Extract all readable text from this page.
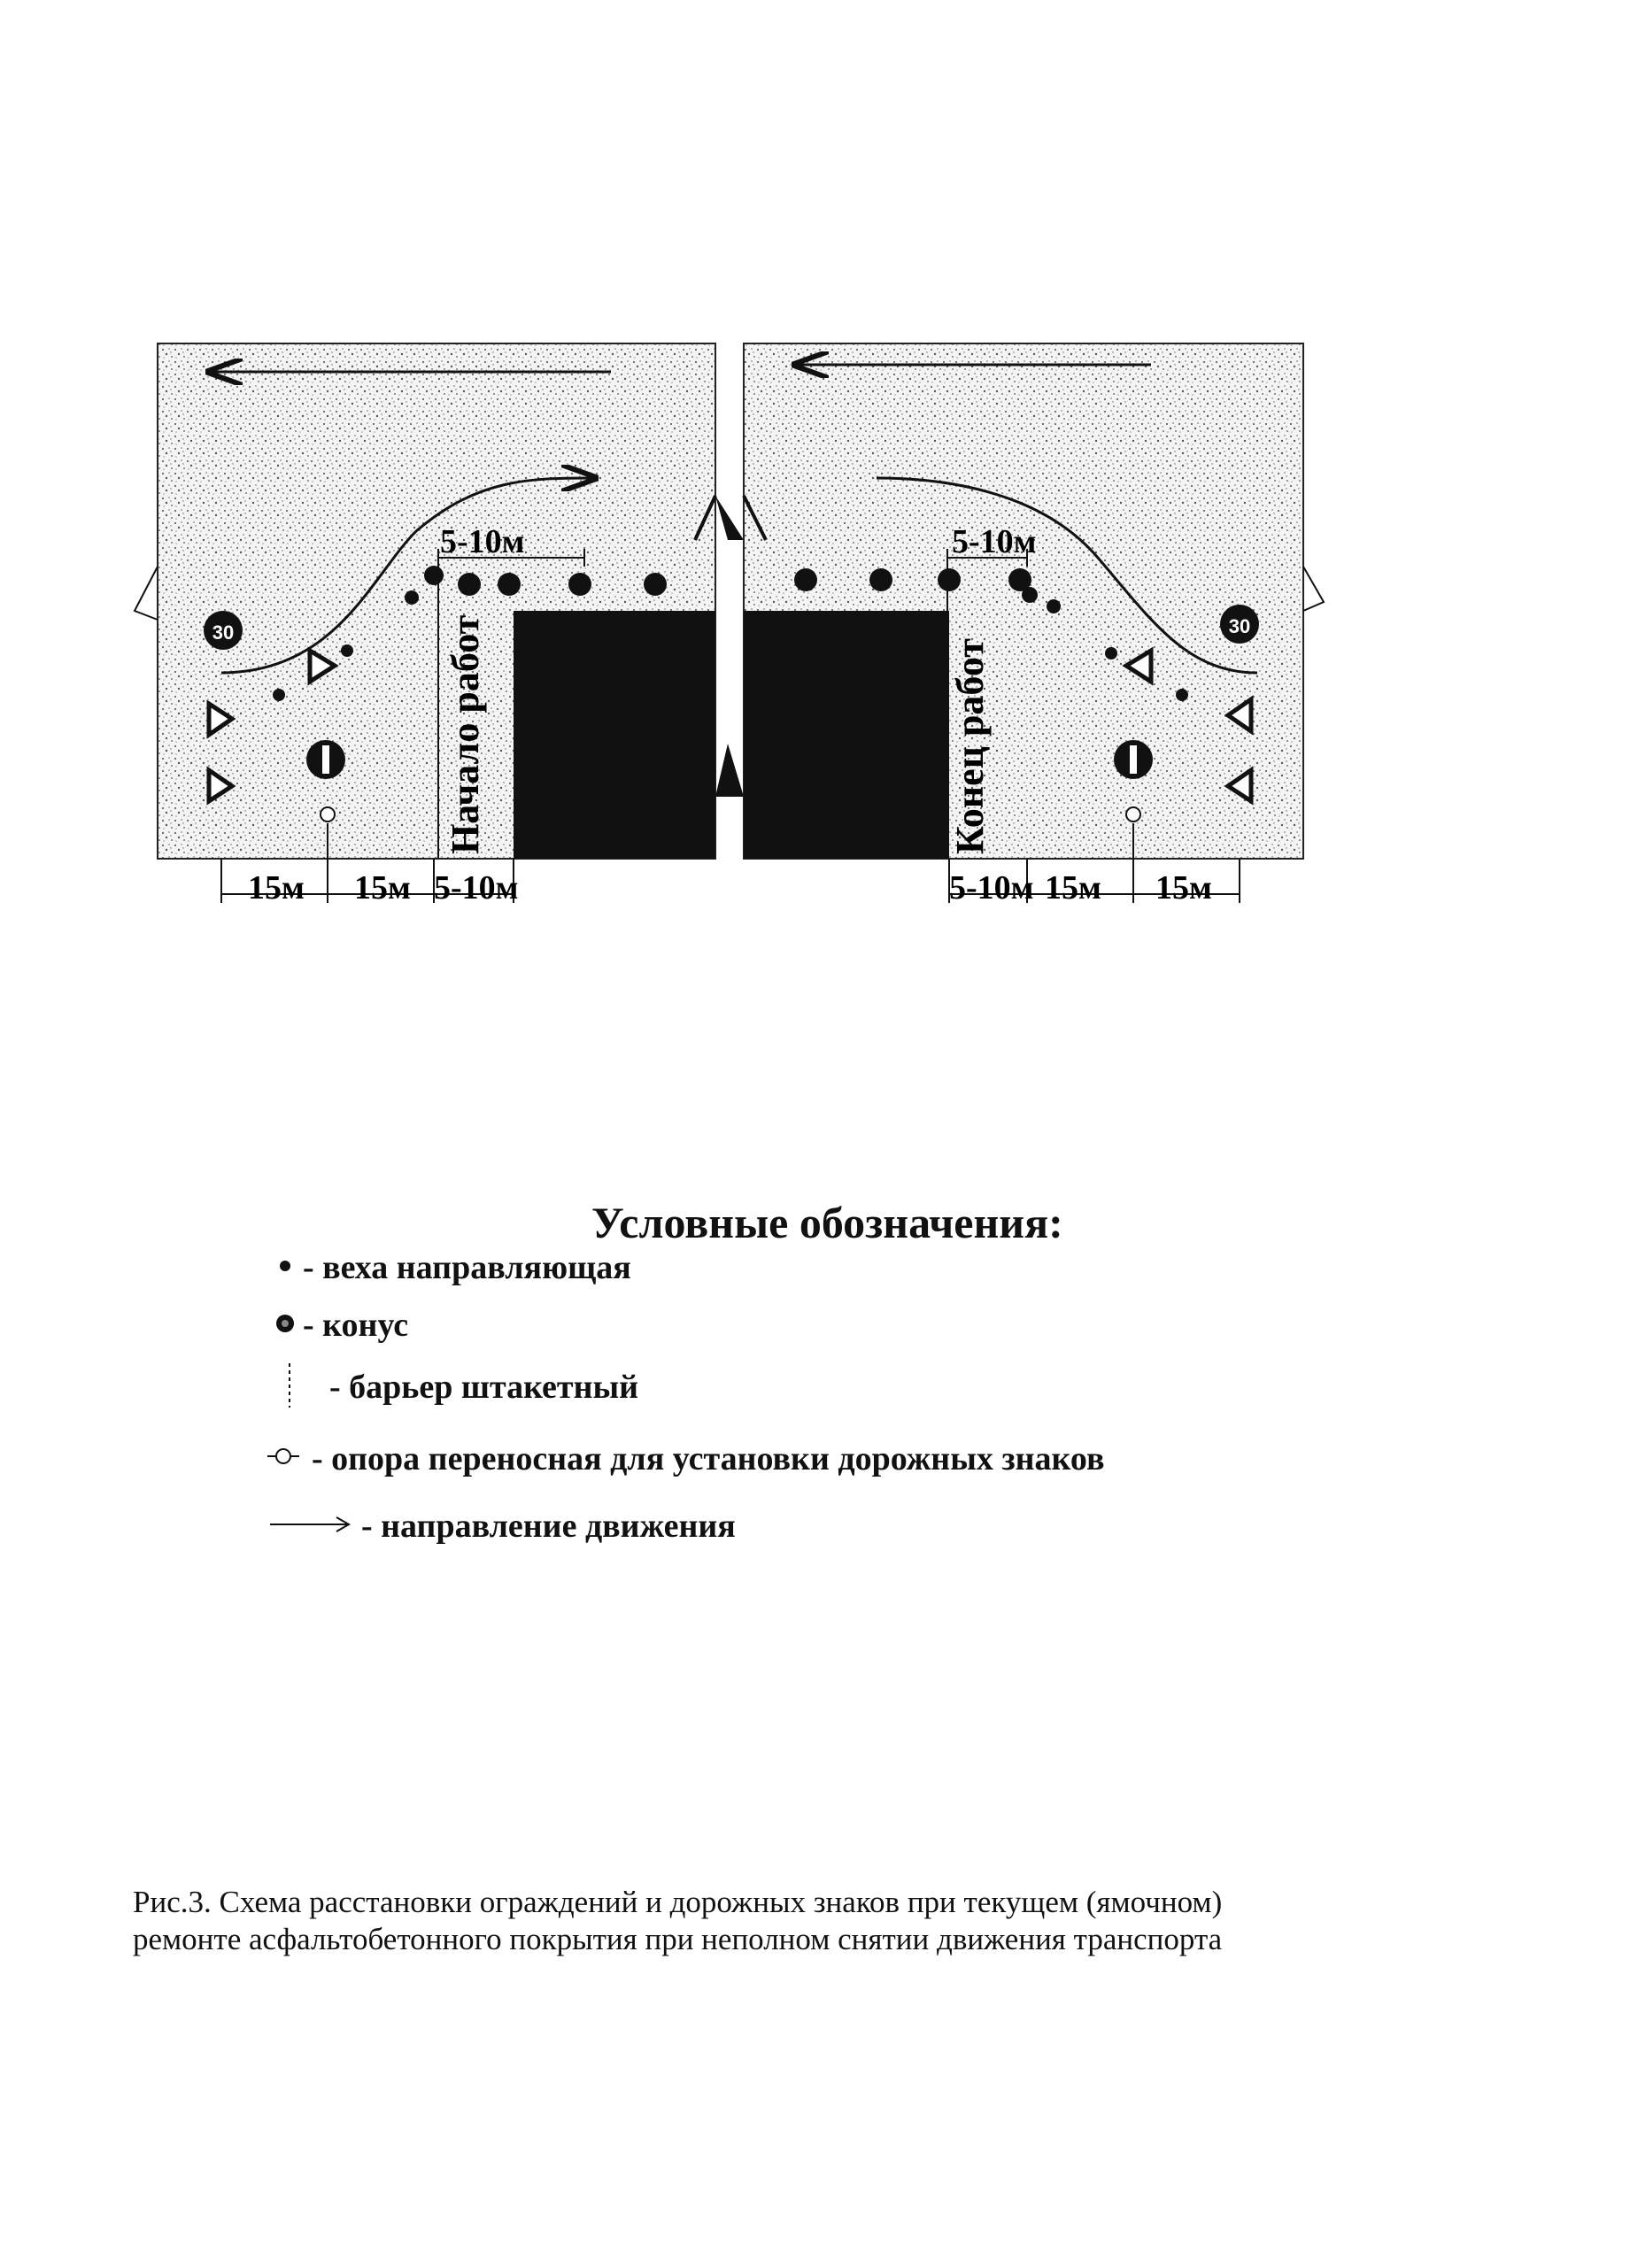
5-10м
30	Начало работ
15м 15м 5-10м
5-10м
30
Конец работ
5-10м 15м 15м
Условные обозначения:
- веха направляющая
- конус
- барьер штакетный
- опора переносная для установки дорожных знаков
- направление движения

Рис.3. Схема расстановки ограждений и дорожных знаков при текущем (ямочном)

ремонте асфальтобетонного покрытия при неполном снятии движения транспорта
